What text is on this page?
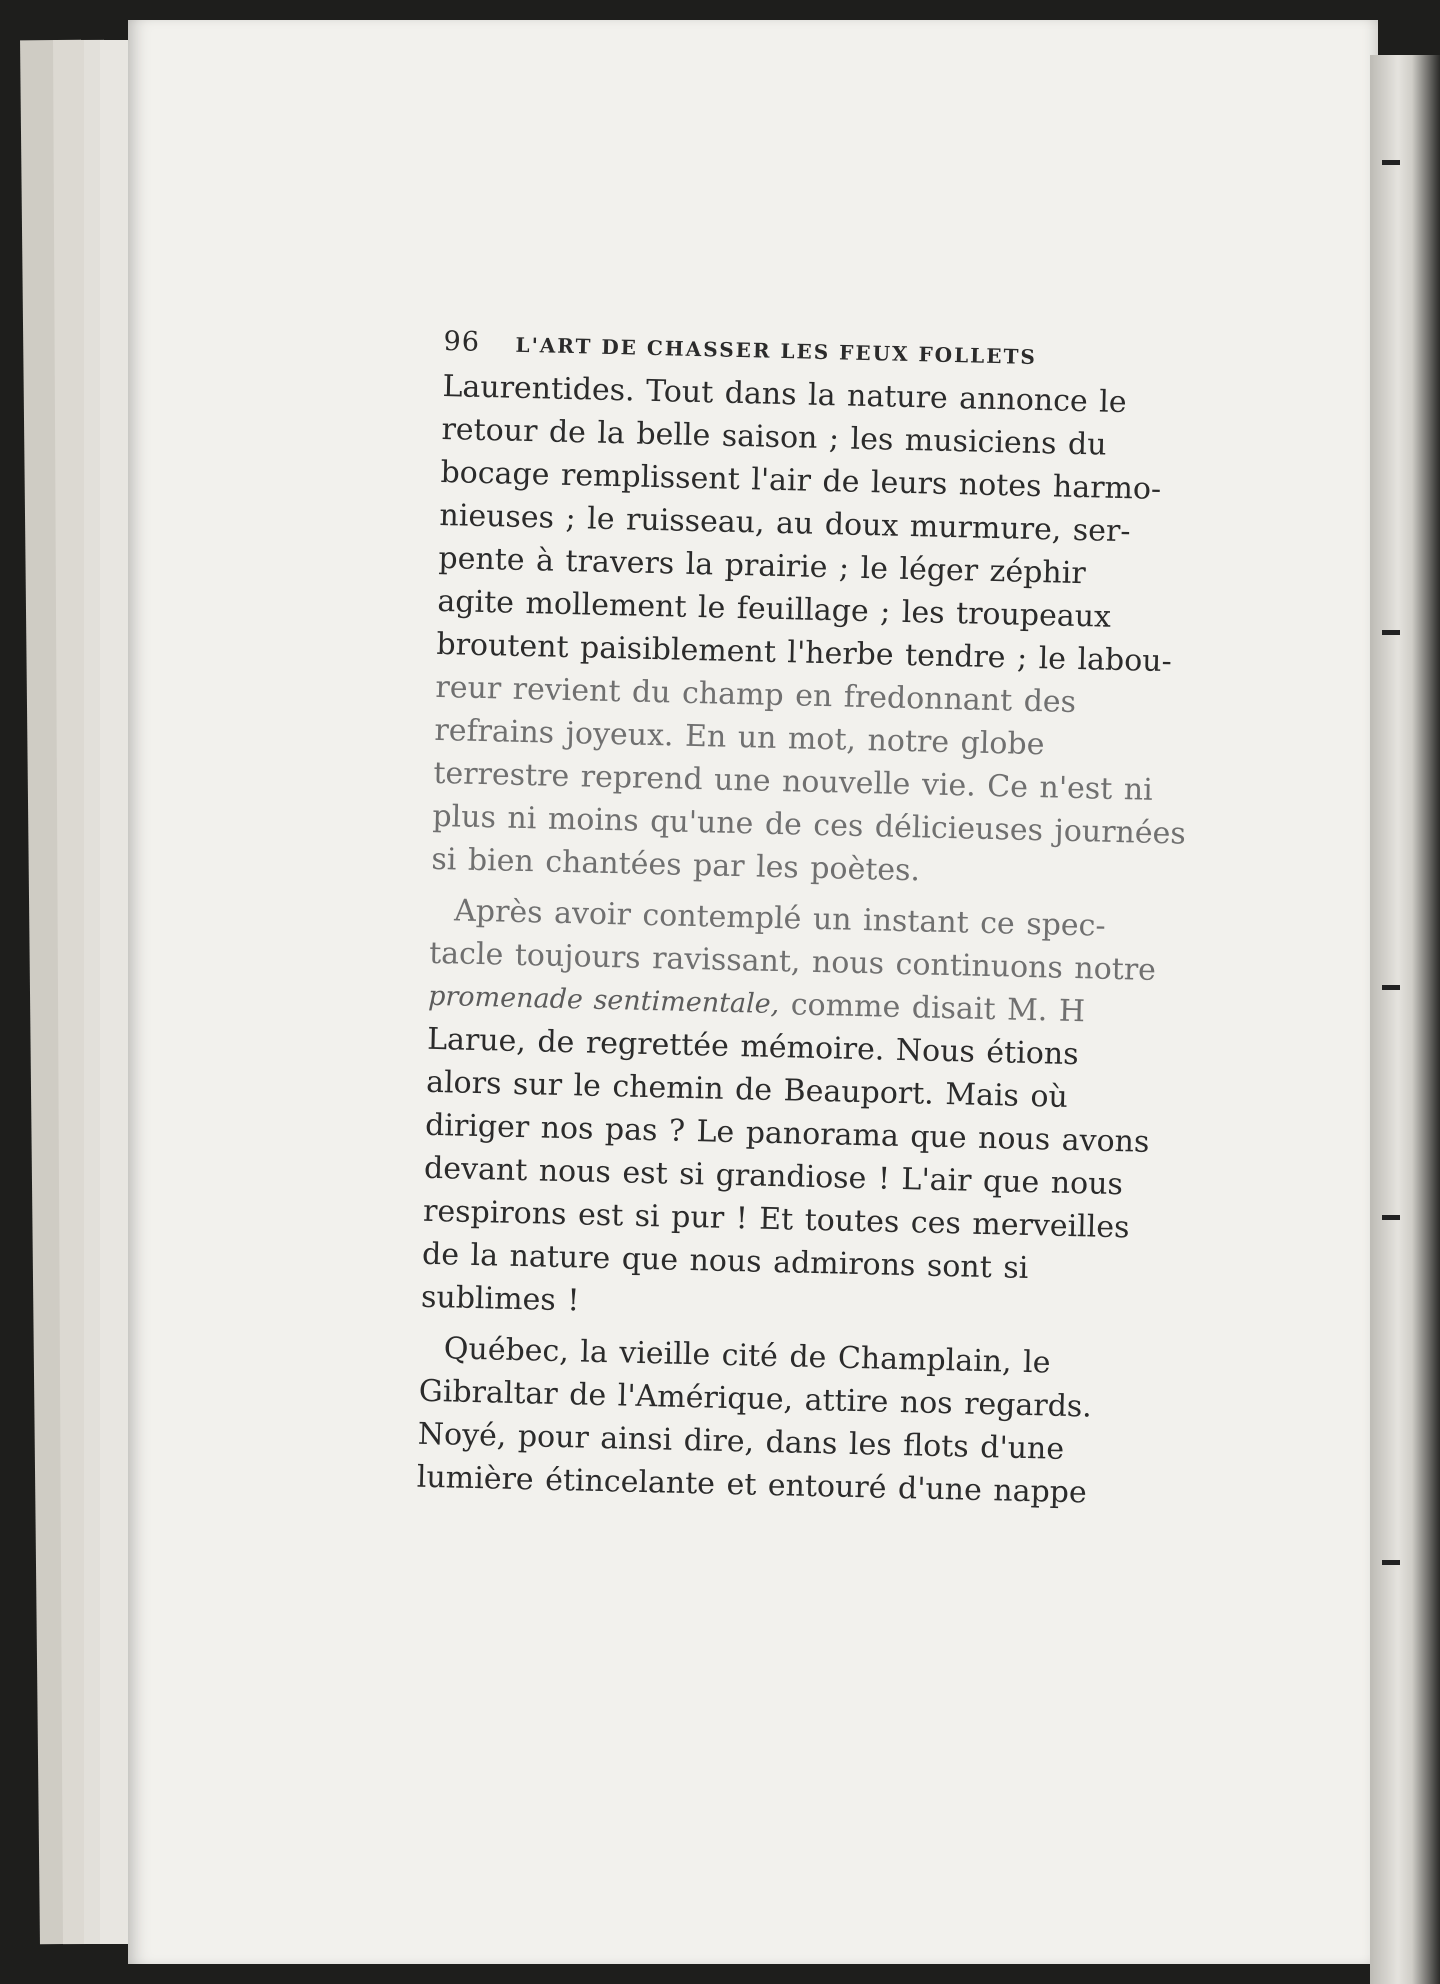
96	L'ART DE CHASSER LES FEUX FOLLETS
Laurentides. Tout dans la nature annonce le
retour de la belle saison ; les musiciens du
bocage remplissent l'air de leurs notes harmo-
nieuses ; le ruisseau, au doux murmure, ser-
pente à travers la prairie ; le léger zéphir
agite mollement le feuillage ; les troupeaux
broutent paisiblement l'herbe tendre ; le labou-
reur revient du champ en fredonnant des
refrains joyeux. En un mot, notre globe
terrestre reprend une nouvelle vie. Ce n'est ni
plus ni moins qu'une de ces délicieuses journées
si bien chantées par les poètes.
Après avoir contemplé un instant ce spec-
tacle toujours ravissant, nous continuons notre
promenade sentimentale, comme disait M. H
Larue, de regrettée mémoire. Nous étions
alors sur le chemin de Beauport. Mais où
diriger nos pas ? Le panorama que nous avons
devant nous est si grandiose ! L'air que nous
respirons est si pur ! Et toutes ces merveilles
de la nature que nous admirons sont si
sublimes !
Québec, la vieille cité de Champlain, le
Gibraltar de l'Amérique, attire nos regards.
Noyé, pour ainsi dire, dans les flots d'une
lumière étincelante et entouré d'une nappe
